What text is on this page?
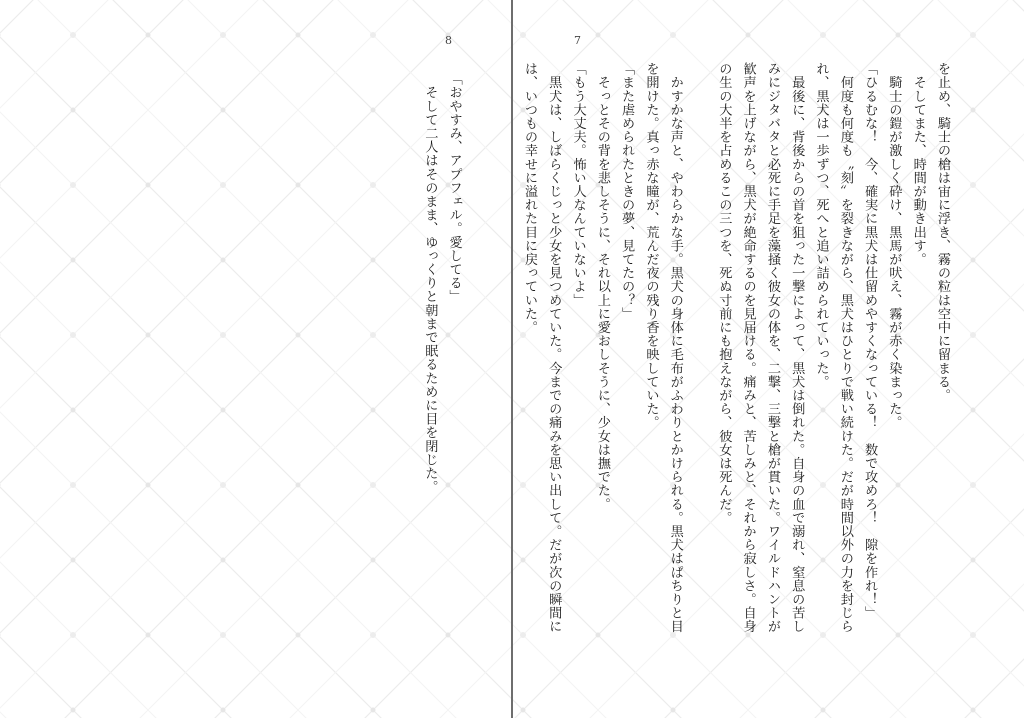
8
「おやすみ、アプフェル。愛してる」
　そして二人はそのまま、ゆっくりと朝まで眠るために目を閉じた。
7
を止め、騎士の槍は宙に浮き、霧の粒は空中に留まる。
　そしてまた、時間が動き出す。
　騎士の鎧が激しく砕け、黒馬が吠え、霧が赤く染まった。
「ひるむな！　今、確実に黒犬は仕留めやすくなっている！　数で攻めろ！　隙を作れ！」
　何度も何度も〝刻〟を裂きながら、黒犬はひとりで戦い続けた。だが時間以外の力を封じら
れ、黒犬は一歩ずつ、死へと追い詰められていった。
　最後に、背後からの首を狙った一撃によって、黒犬は倒れた。自身の血で溺れ、窒息の苦し
みにジタバタと必死に手足を藻掻く彼女の体を、二撃、三撃と槍が貫いた。ワイルドハントが
歓声を上げながら、黒犬が絶命するのを見届ける。痛みと、苦しみと、それから寂しさ。自身
の生の大半を占めるこの三つを、死ぬ寸前にも抱えながら、彼女は死んだ。

　かすかな声と、やわらかな手。黒犬の身体に毛布がふわりとかけられる。黒犬はぱちりと目
を開けた。真っ赤な瞳が、荒んだ夜の残り香を映していた。
「また虐められたときの夢、見てたの？」
　そっとその背を悲しそうに、それ以上に愛おしそうに、少女は撫でた。
「もう大丈夫。怖い人なんていないよ」
　黒犬は、しばらくじっと少女を見つめていた。今までの痛みを思い出して。だが次の瞬間に
は、いつもの幸せに溢れた目に戻っていた。
